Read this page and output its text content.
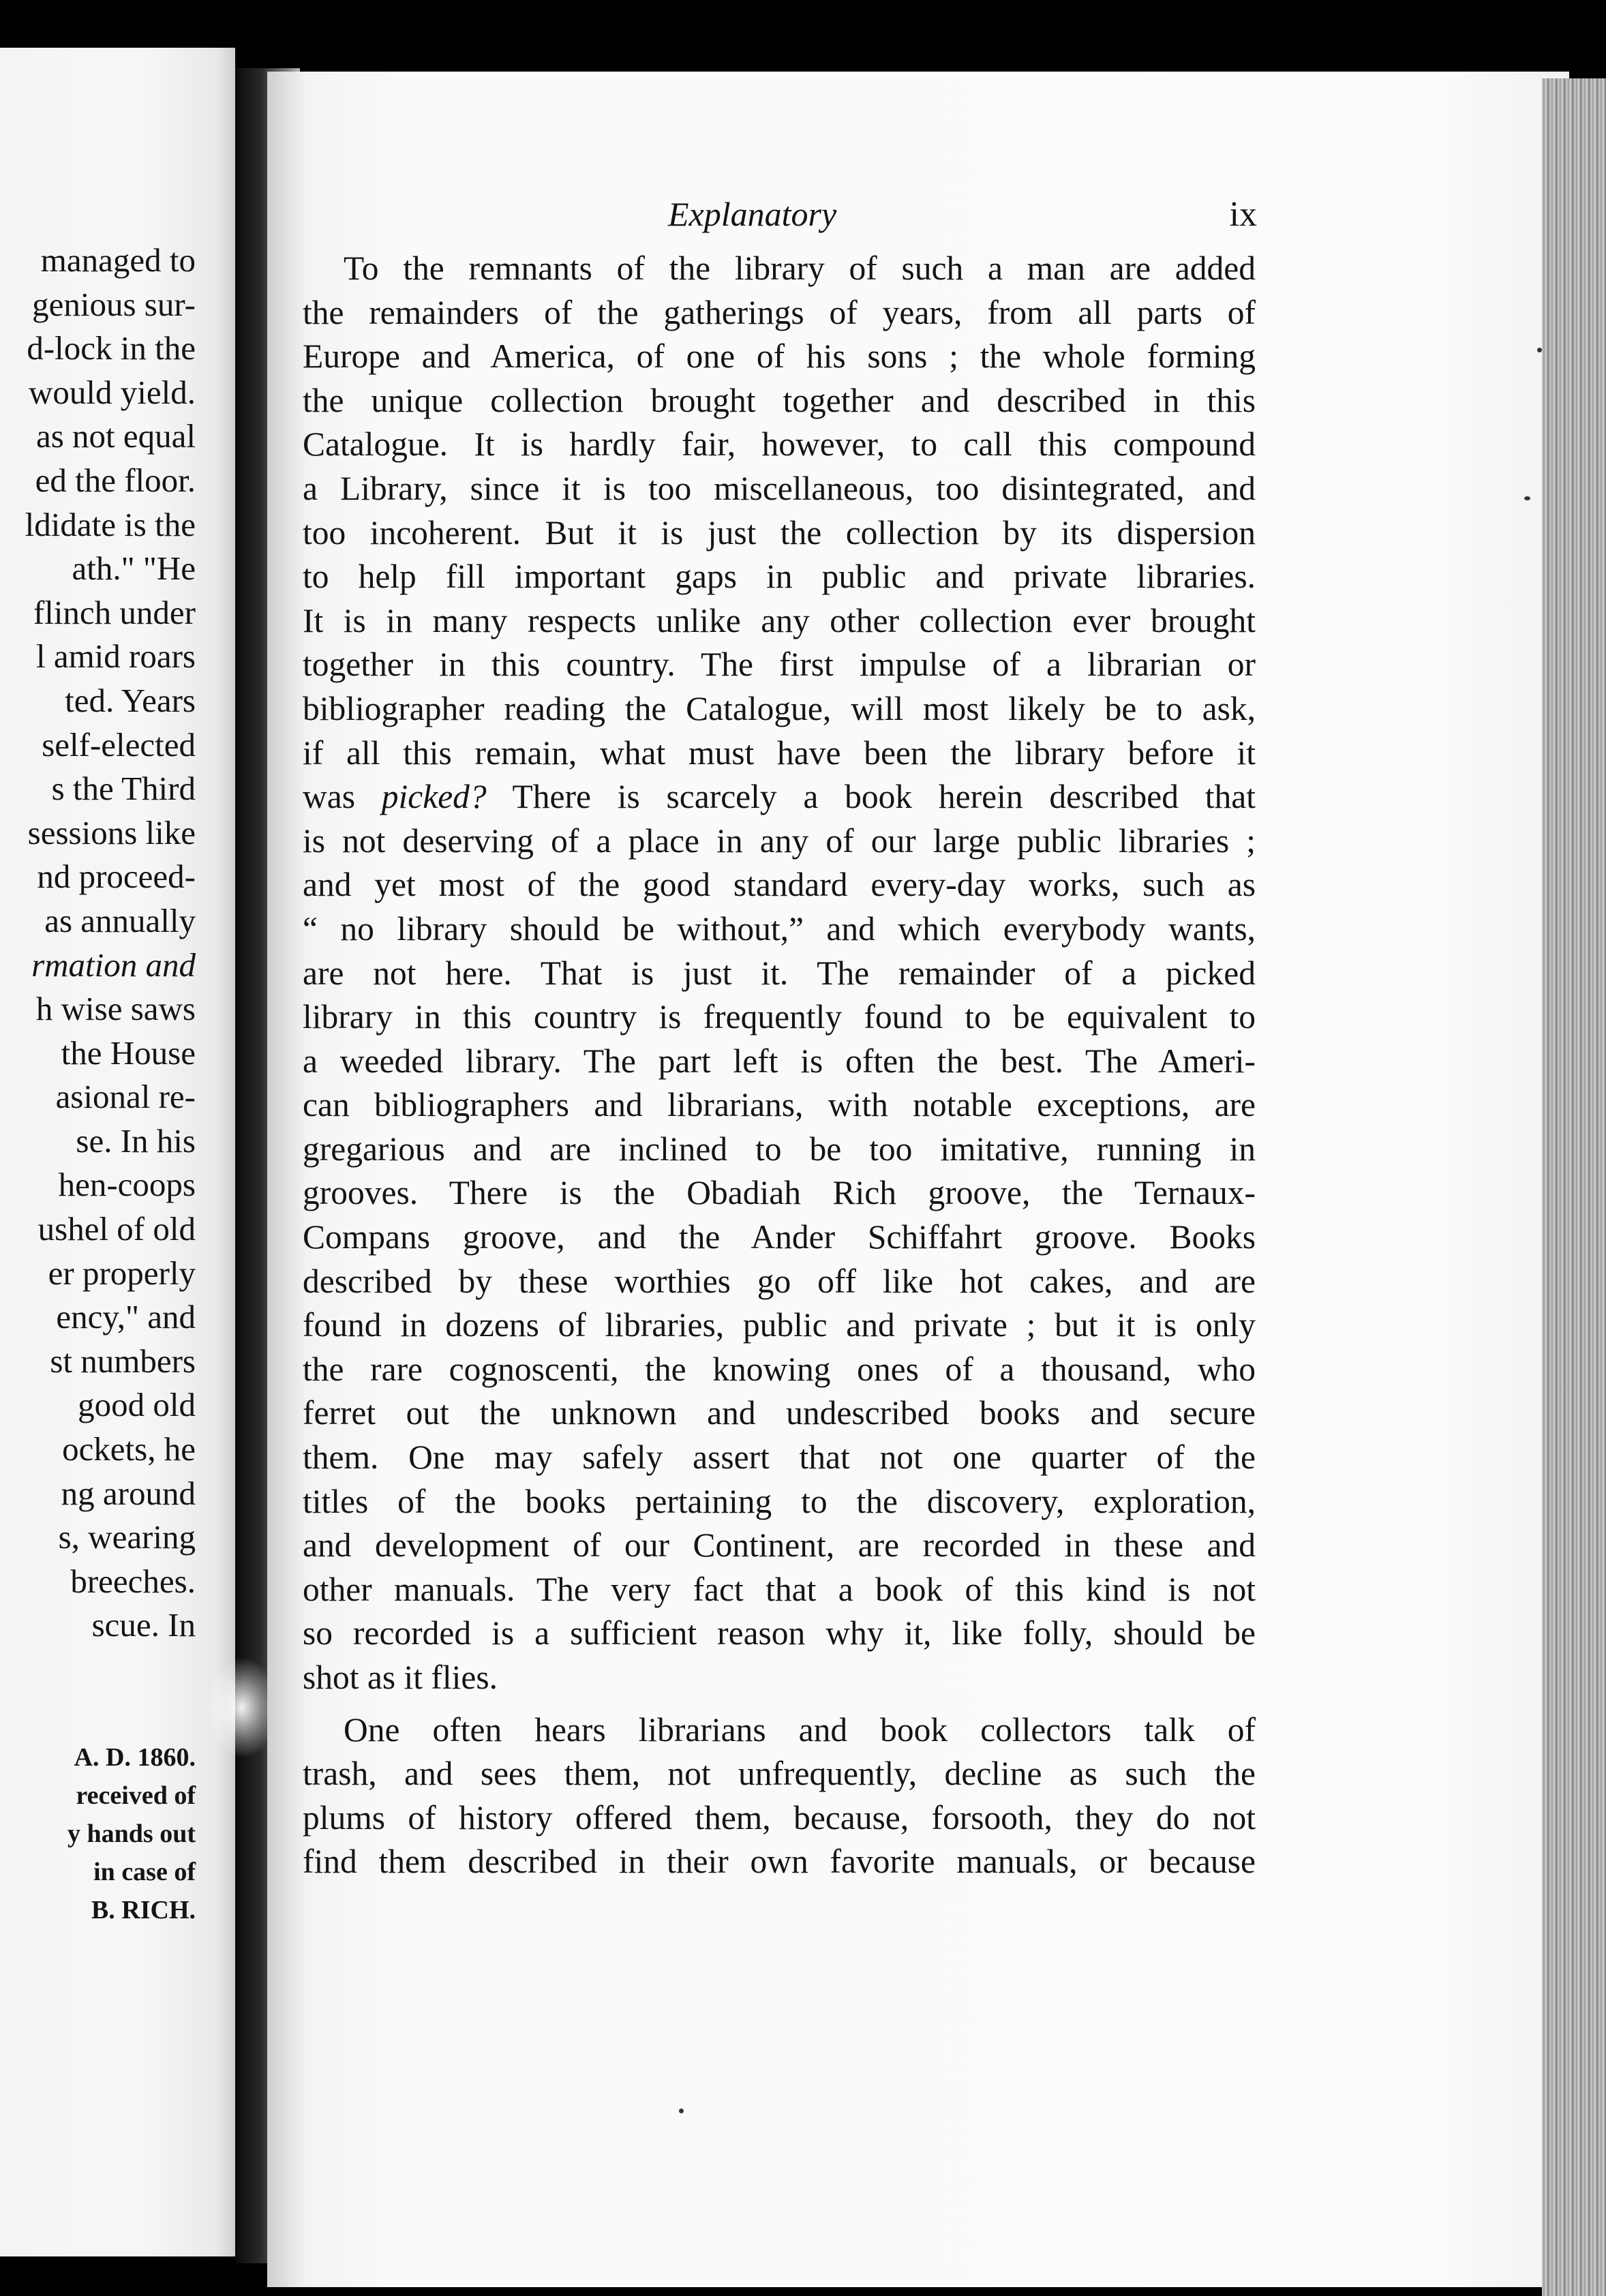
managed to
genious sur-
d-lock in the
would yield.
as not equal
ed the floor.
ldidate is the
ath." "He
flinch under
l amid roars
ted. Years
self-elected
s the Third
sessions like
nd proceed-
as annually
rmation and
h wise saws
the House
asional re-
se. In his
hen-coops
ushel of old
er properly
ency," and
st numbers
good old
ockets, he
ng around
s, wearing
breeches.
scue. In
A. D. 1860.
received of
y hands out
in case of
B. RICH.
Explanatory	ix
To the remnants of the library of such a man are added
the remainders of the gatherings of years, from all parts of
Europe and America, of one of his sons ; the whole forming
the unique collection brought together and described in this
Catalogue. It is hardly fair, however, to call this compound
a Library, since it is too miscellaneous, too disintegrated, and
too incoherent. But it is just the collection by its dispersion
to help fill important gaps in public and private libraries.
It is in many respects unlike any other collection ever brought
together in this country. The first impulse of a librarian or
bibliographer reading the Catalogue, will most likely be to ask,
if all this remain, what must have been the library before it
was picked? There is scarcely a book herein described that
is not deserving of a place in any of our large public libraries ;
and yet most of the good standard every-day works, such as
“ no library should be without,” and which everybody wants,
are not here. That is just it. The remainder of a picked
library in this country is frequently found to be equivalent to
a weeded library. The part left is often the best. The Ameri-
can bibliographers and librarians, with notable exceptions, are
gregarious and are inclined to be too imitative, running in
grooves. There is the Obadiah Rich groove, the Ternaux-
Compans groove, and the Ander Schiffahrt groove. Books
described by these worthies go off like hot cakes, and are
found in dozens of libraries, public and private ; but it is only
the rare cognoscenti, the knowing ones of a thousand, who
ferret out the unknown and undescribed books and secure
them. One may safely assert that not one quarter of the
titles of the books pertaining to the discovery, exploration,
and development of our Continent, are recorded in these and
other manuals. The very fact that a book of this kind is not
so recorded is a sufficient reason why it, like folly, should be
shot as it flies.
One often hears librarians and book collectors talk of
trash, and sees them, not unfrequently, decline as such the
plums of history offered them, because, forsooth, they do not
find them described in their own favorite manuals, or because
